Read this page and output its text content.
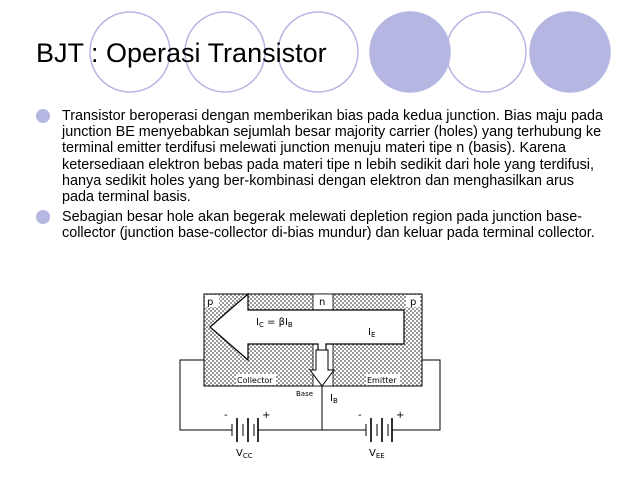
BJT : Operasi Transistor
Transistor beroperasi dengan memberikan bias pada kedua junction. Bias maju pada junction BE menyebabkan sejumlah besar majority carrier (holes) yang terhubung ke terminal emitter terdifusi melewati junction menuju materi tipe n (basis). Karena ketersediaan elektron bebas pada materi tipe n lebih sedikit dari hole yang terdifusi, hanya sedikit holes yang ber-kombinasi dengan elektron dan menghasilkan arus pada terminal basis.
Sebagian besar hole akan begerak melewati depletion region pada junction base-collector (junction base-collector di-bias mundur) dan keluar pada terminal collector.
p	n	p
$I_C = \beta I_B$
$I_E$
Collector	Emitter
Base $I_B$
-	+
$V_{CC}$
-	+
$V_{EE}$
